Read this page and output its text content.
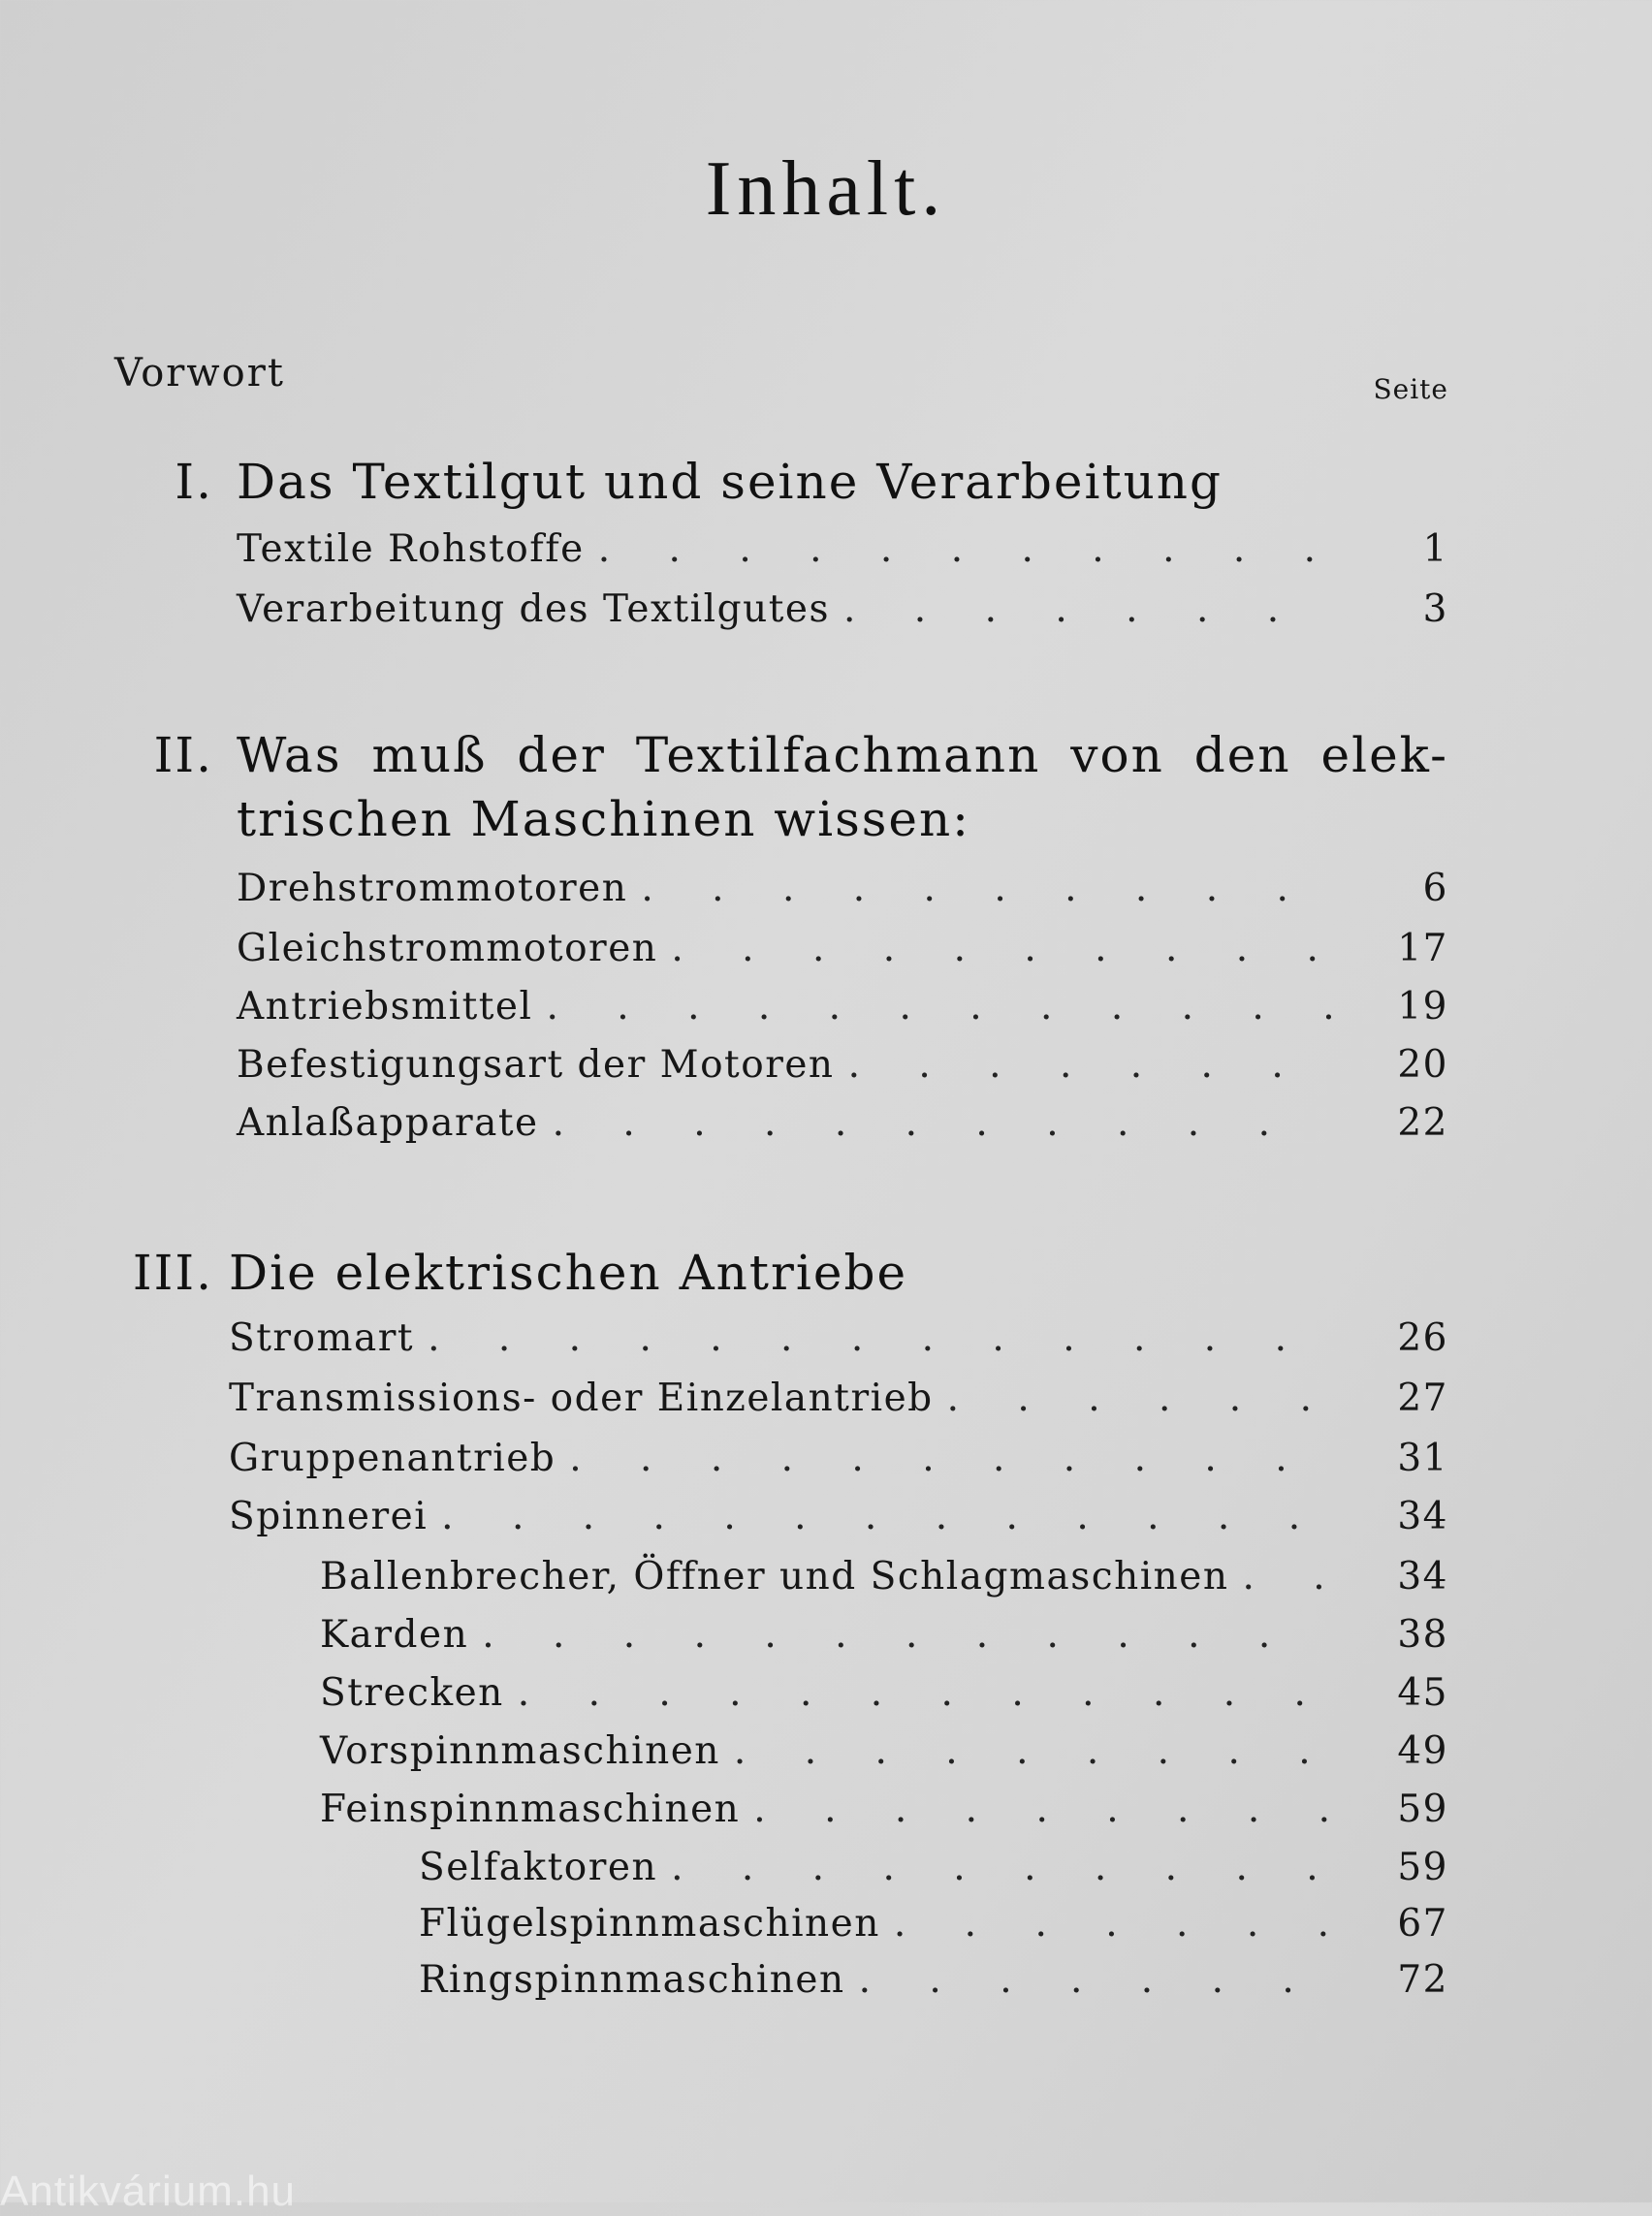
Inhalt.
Vorwort	Seite
I. Das Textilgut und seine Verarbeitung
Textile Rohstoffe . . .	1
Verarbeitung des Textilgutes . . .	3
II. Was muß der Textilfachmann von den elek-
trischen Maschinen wissen:
Drehstrommotoren . . .	6
Gleichstrommotoren . . .	17
Antriebsmittel . . .	19
Befestigungsart der Motoren . . .	20
Anlaßapparate . . .	22
III. Die elektrischen Antriebe
Stromart . . .	26
Transmissions- oder Einzelantrieb . . .	27
Gruppenantrieb . . .	31
Spinnerei . . .	34
Ballenbrecher, Öffner und Schlagmaschinen . . .	34
Karden . . .	38
Strecken . . .	45
Vorspinnmaschinen . . .	49
Feinspinnmaschinen . . .	59
Selfaktoren . . .	59
Flügelspinnmaschinen . . .	67
Ringspinnmaschinen . . .	72
Antikvárium.hu
